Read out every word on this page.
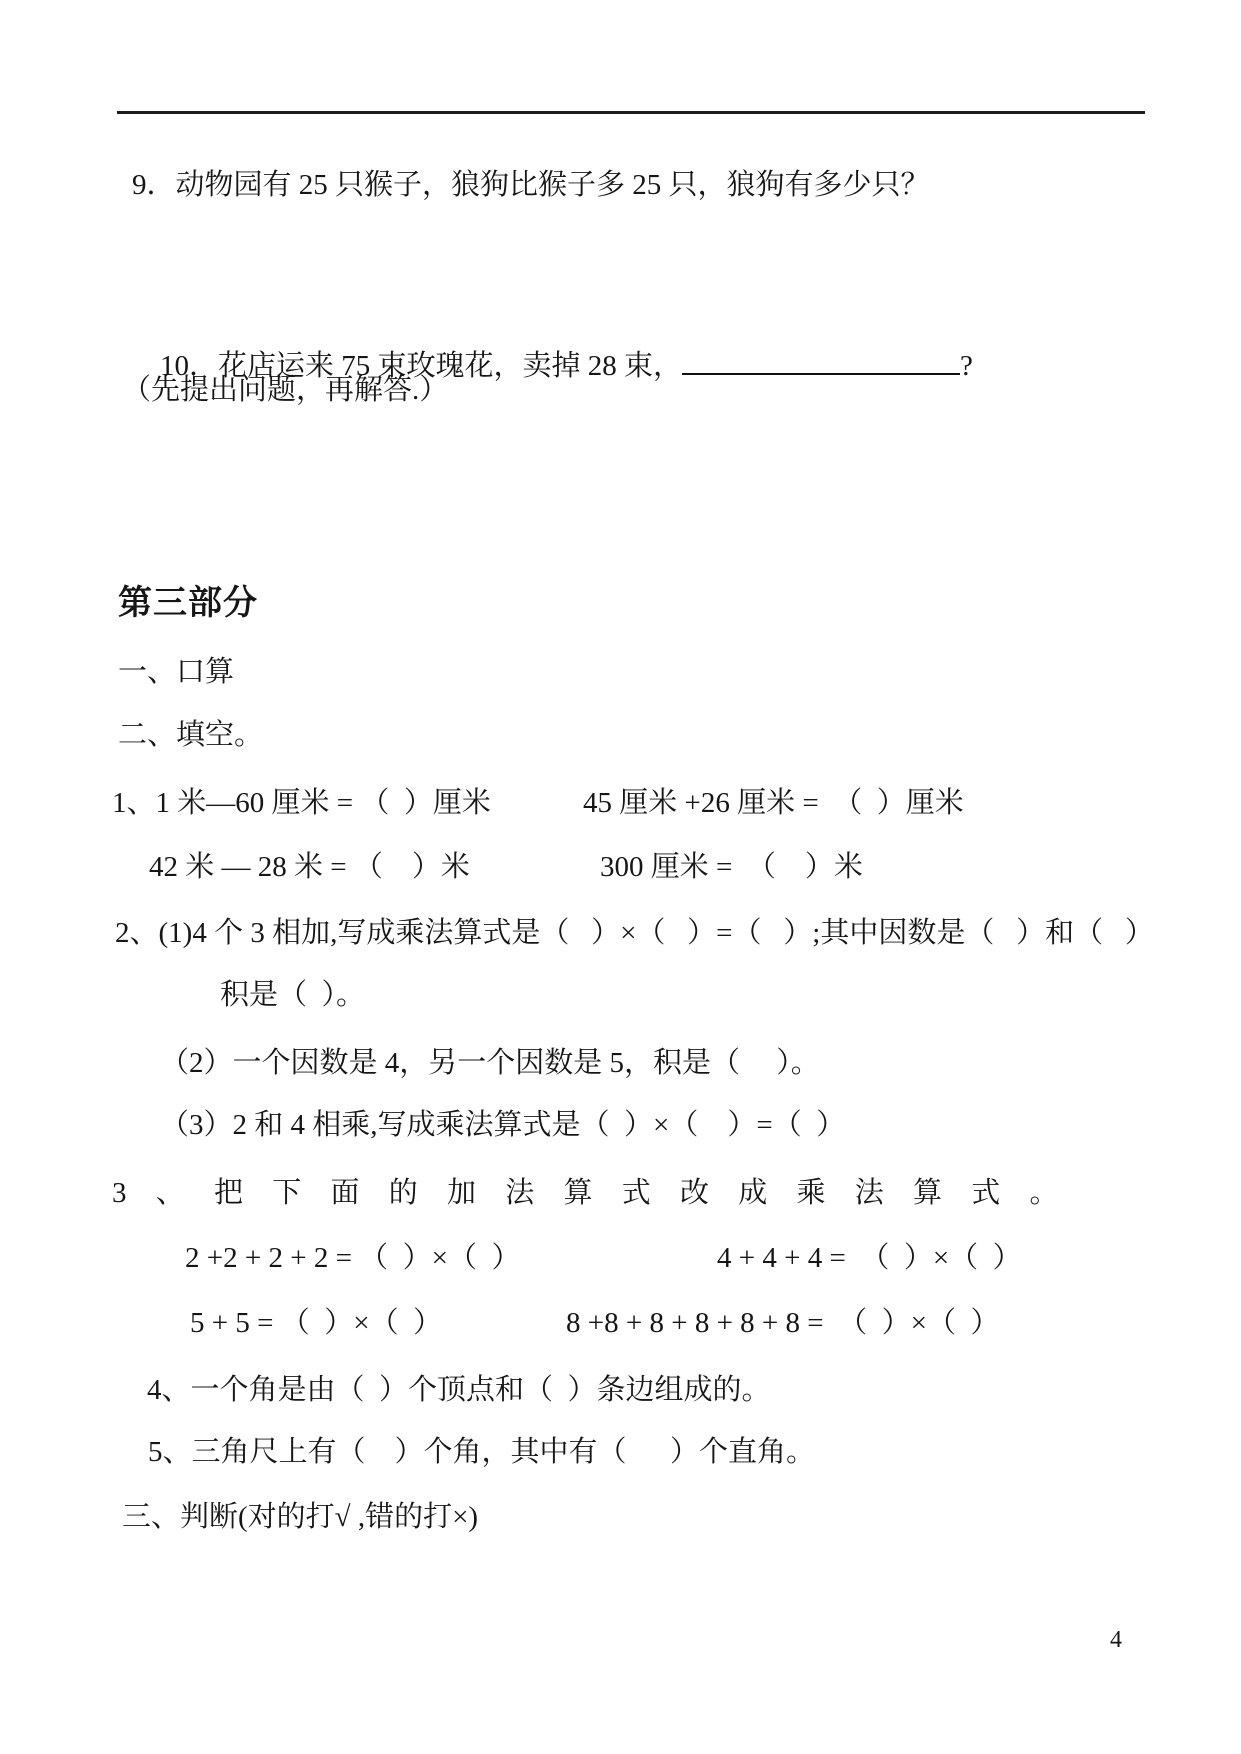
9．动物园有 25 只猴子，狼狗比猴子多 25 只，狼狗有多少只？

10．花店运来 75 束玫瑰花，卖掉 28 束，	?

（先提出问题，再解答.）
第三部分
一、口算
二、填空。
1、1 米—60 厘米 = （  ）厘米	45 厘米 +26 厘米 =  （  ）厘米
42 米 — 28 米 = （    ）米	300 厘米 =  （    ）米
2、(1)4 个 3 相加,写成乘法算式是（   ）×（   ）=（   ）;其中因数是（   ）和（   ）
积是（  ）。
（2）一个因数是 4，另一个因数是 5，积是（     ）。
（3）2 和 4 相乘,写成乘法算式是（  ）×（    ）=（  ）
3 、 把 下 面 的 加 法 算 式 改 成 乘 法 算 式 。
2 +2 + 2 + 2 = （  ）×（  ）	4 + 4 + 4 =  （  ）×（  ）
5 + 5 = （  ）×（  ）	8 +8 + 8 + 8 + 8 + 8 =  （  ）×（  ）
4、一个角是由（  ）个顶点和（  ）条边组成的。
5、三角尺上有（    ）个角，其中有（      ）个直角。
三、判断(对的打√ ,错的打×)
4
